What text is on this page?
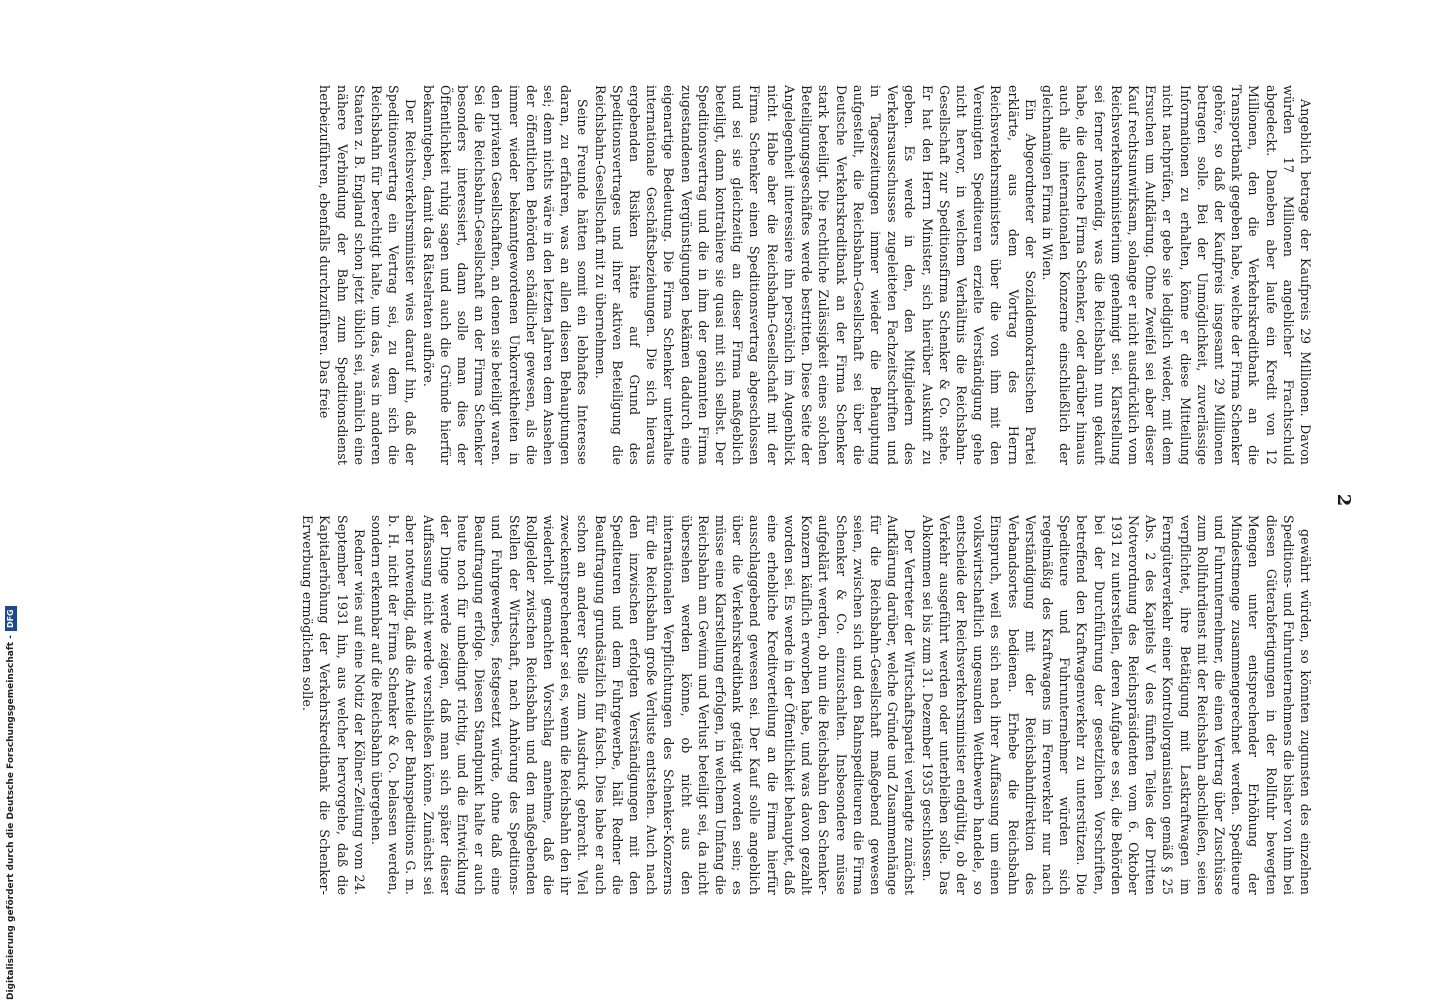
2

Angeblich betrage der Kaufpreis 29 Millionen. Davon würden 17 Millionen angeblicher Frachtschuld abgedeckt. Daneben aber laufe ein Kredit von 12 Millionen, den die Verkehrskreditbank an die Transportbank gegeben habe, welche der Firma Schenker gehöre, so daß der Kaufpreis insgesamt 29 Millionen betragen solle. Bei der Unmöglichkeit, zuverlässige Informationen zu erhalten, könne er diese Mitteilung nicht nachprüfen, er gebe sie lediglich wieder, mit dem Ersuchen um Aufklärung. Ohne Zweifel sei aber dieser Kauf rechtsunwirksam, solange er nicht ausdrücklich vom Reichsverkehrsministerium genehmigt sei. Klarstellung sei ferner notwendig, was die Reichsbahn nun gekauft habe, die deutsche Firma Schenker, oder darüber hinaus auch alle internationalen Konzerne einschließlich der gleichnamigen Firma in Wien.

Ein Abgeordneter der Sozialdemokratischen Partei erklärte, aus dem Vortrag des Herrn Reichsverkehrsministers über die von ihm mit den Vereinigten Spediteuren erzielte Verständigung gehe nicht hervor, in welchem Verhältnis die Reichsbahn-Gesellschaft zur Speditionsfirma Schenker & Co. stehe. Er hat den Herrn Minister, sich hierüber Auskunft zu geben. Es werde in den, den Mitgliedern des Verkehrsausschusses zugeleiteten Fachzeitschriften und in Tageszeitungen immer wieder die Behauptung aufgestellt, die Reichsbahn-Gesellschaft sei über die Deutsche Verkehrskreditbank an der Firma Schenker stark beteiligt. Die rechtliche Zulässigkeit eines solchen Beteiligungsgeschäftes werde bestritten. Diese Seite der Angelegenheit interessiere ihn persönlich im Augenblick nicht. Habe aber die Reichsbahn-Gesellschaft mit der Firma Schenker einen Speditionsvertrag abgeschlossen und sei sie gleichzeitig an dieser Firma maßgeblich beteiligt, dann kontrahiere sie quasi mit sich selbst. Der Speditionsvertrag und die in ihm der genannten Firma zugestandenen Vergünstigungen bekämen dadurch eine eigenartige Bedeutung. Die Firma Schenker unterhalte internationale Geschäftsbeziehungen. Die sich hieraus ergebenden Risiken hätte auf Grund des Speditionsvertrages und ihrer aktiven Beteiligung die Reichsbahn-Gesellschaft mit zu übernehmen.

Seine Freunde hätten somit ein lebhaftes Interesse daran, zu erfahren, was an allen diesen Behauptungen sei; denn nichts wäre in den letzten Jahren dem Ansehen der öffentlichen Behörden schädlicher gewesen, als die immer wieder bekanntgewordenen Unkorrektheiten in den privaten Gesellschaften, an denen sie beteiligt waren. Sei die Reichsbahn-Gesellschaft an der Firma Schenker besonders interessiert, dann solle man dies der Öffentlichkeit ruhig sagen und auch die Gründe hierfür bekanntgeben, damit das Rätselraten aufhöre.

Der Reichsverkehrsminister wies darauf hin, daß der Speditionsvertrag ein Vertrag sei, zu dem sich die Reichsbahn für berechtigt halte, um das, was in anderen Staaten z. B. England schon jetzt üblich sei, nämlich eine nähere Verbindung der Bahn zum Speditionsdienst herbeizuführen, ebenfalls durchzuführen. Das freie

gewährt würden, so könnten zugunsten des einzelnen Speditions- und Fuhrunternehmens die bisher von ihm bei diesen Güterabfertigungen in der Rollfuhr bewegten Mengen unter entsprechender Erhöhung der Mindestmenge zusammengerechnet werden. Spediteure und Fuhrunternehmer, die einen Vertrag über Zuschüsse zum Rollfuhrdienst mit der Reichsbahn abschließen, seien verpflichtet, ihre Betätigung mit Lastkraftwagen im Ferngüterverkehr einer Kontrollorganisation gemäß § 25 Abs. 2 des Kapitels V des fünften Teiles der Dritten Notverordnung des Reichspräsidenten vom 6. Oktober 1931 zu unterstellen, deren Aufgabe es sei, die Behörden bei der Durchführung der gesetzlichen Vorschriften, betreffend den Kraftwagenverkehr zu unterstützen. Die Spediteure und Fuhrunternehmer würden sich regelmäßig des Kraftwagens im Fernverkehr nur nach Verständigung mit der Reichsbahndirektion des Verbandsortes bedienen. Erhebe die Reichsbahn Einspruch, weil es sich nach ihrer Auffassung um einen volkswirtschaftlich ungesunden Wettbewerb handele, so entscheide der Reichsverkehrsminister endgültig, ob der Verkehr ausgeführt werden oder unterbleiben solle. Das Abkommen sei bis zum 31. Dezember 1935 geschlossen.

Der Vertreter der Wirtschaftspartei verlangte zunächst Aufklärung darüber, welche Gründe und Zusammenhänge für die Reichsbahn-Gesellschaft maßgebend gewesen seien, zwischen sich und den Bahnspediteuren die Firma Schenker & Co. einzuschalten. Insbesondere müsse aufgeklärt werden, ob nun die Reichsbahn den Schenker-Konzern käuflich erworben habe, und was davon gezahlt worden sei. Es werde in der Öffentlichkeit behauptet, daß eine erhebliche Kreditverteilung an die Firma hierfür ausschlaggebend gewesen sei. Der Kauf solle angeblich über die Verkehrskreditbank getätigt worden sein; es müsse eine Klarstellung erfolgen, in welchem Umfang die Reichsbahn am Gewinn und Verlust beteiligt sei, da nicht übersehen werden könne, ob nicht aus den internationalen Verpflichtungen des Schenker-Konzerns für die Reichsbahn große Verluste entstehen. Auch nach den inzwischen erfolgten Verständigungen mit den Spediteuren und dem Fuhrgewerbe, hält Redner die Beauftragung grundsätzlich für falsch. Dies habe er auch schon an anderer Stelle zum Ausdruck gebracht. Viel zweckentsprechender sei es, wenn die Reichsbahn den ihr wiederholt gemachten Vorschlag annehme, daß die Rollgelder zwischen Reichsbahn und den maßgebenden Stellen der Wirtschaft, nach Anhörung des Speditions- und Fuhrgewerbes, festgesetzt würde, ohne daß eine Beauftragung erfolge. Diesen Standpunkt halte er auch heute noch für unbedingt richtig, und die Entwicklung der Dinge werde zeigen, daß man sich später dieser Auffassung nicht werde verschließen könne. Zunächst sei aber notwendig, daß die Anteile der Bahnspeditions G. m. b. H. nicht der Firma Schenker & Co. belassen werden, sondern erkennbar auf die Reichsbahn übergehen.

Redner wies auf eine Notiz der Kölner-Zeitung vom 24. September 1931 hin, aus welcher hervorgehe, daß die Kapitalerhöhung der Verkehrskreditbank die Schenker-Erwerbung ermöglichen solle.

Digitalisierung gefördert durch die Deutsche Forschungsgemeinschaft -
DFG
